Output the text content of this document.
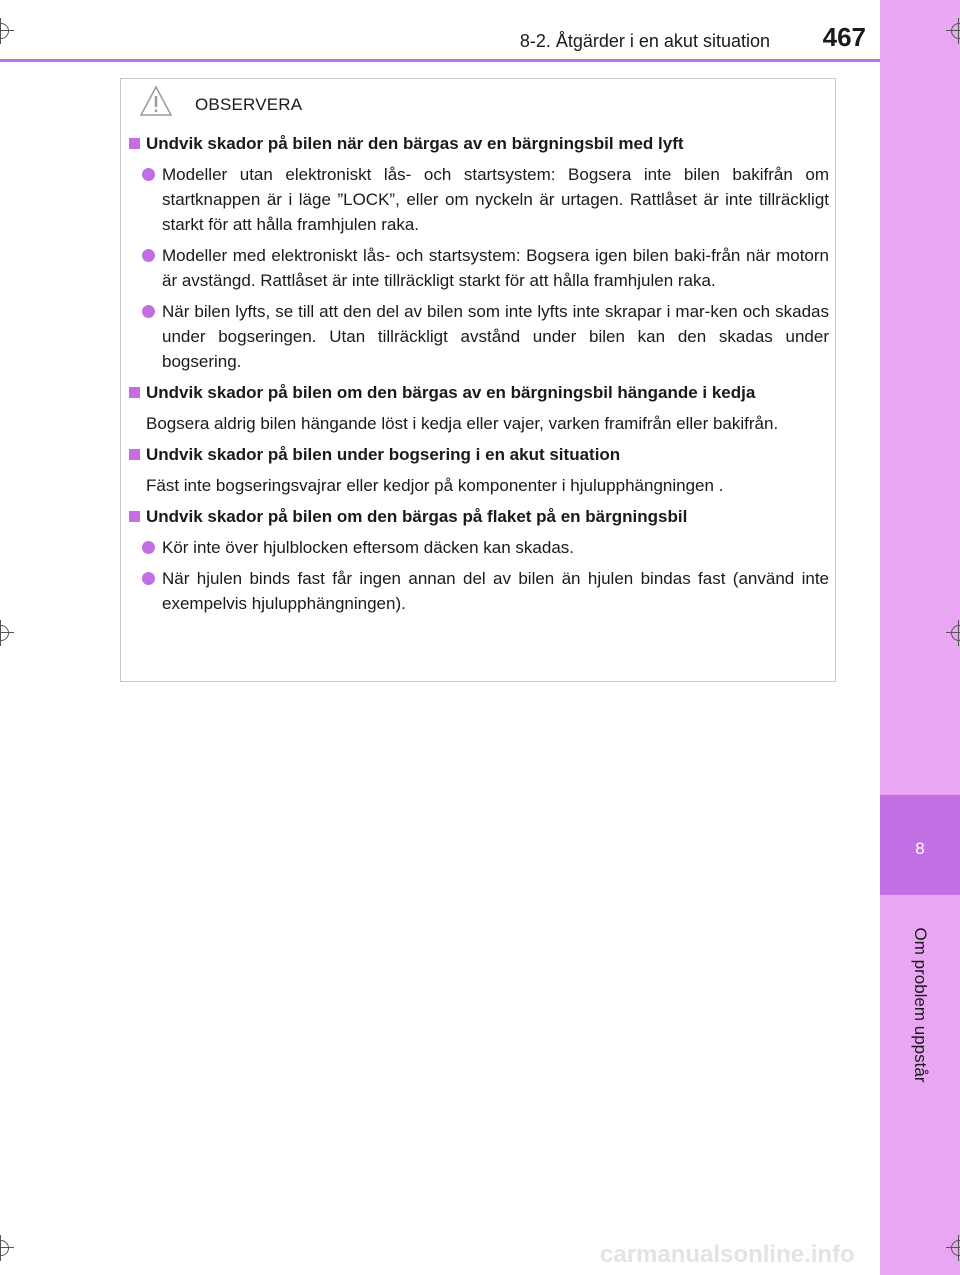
8
Om problem uppstår
8-2. Åtgärder i en akut situation 467
OBSERVERA
Undvik skador på bilen när den bärgas av en bärgningsbil med lyft
Modeller utan elektroniskt lås- och startsystem: Bogsera inte bilen bakifrån om startknappen är i läge ”LOCK”, eller om nyckeln är urtagen. Rattlåset är inte tillräckligt starkt för att hålla framhjulen raka.
Modeller med elektroniskt lås- och startsystem: Bogsera igen bilen baki-från när motorn är avstängd. Rattlåset är inte tillräckligt starkt för att hålla framhjulen raka.
När bilen lyfts, se till att den del av bilen som inte lyfts inte skrapar i mar-ken och skadas under bogseringen. Utan tillräckligt avstånd under bilen kan den skadas under bogsering.
Undvik skador på bilen om den bärgas av en bärgningsbil hängande i kedja
Bogsera aldrig bilen hängande löst i kedja eller vajer, varken framifrån eller bakifrån.
Undvik skador på bilen under bogsering i en akut situation
Fäst inte bogseringsvajrar eller kedjor på komponenter i hjulupphängningen .
Undvik skador på bilen om den bärgas på flaket på en bärgningsbil
Kör inte över hjulblocken eftersom däcken kan skadas.
När hjulen binds fast får ingen annan del av bilen än hjulen bindas fast (använd inte exempelvis hjulupphängningen).
carmanualsonline.info
